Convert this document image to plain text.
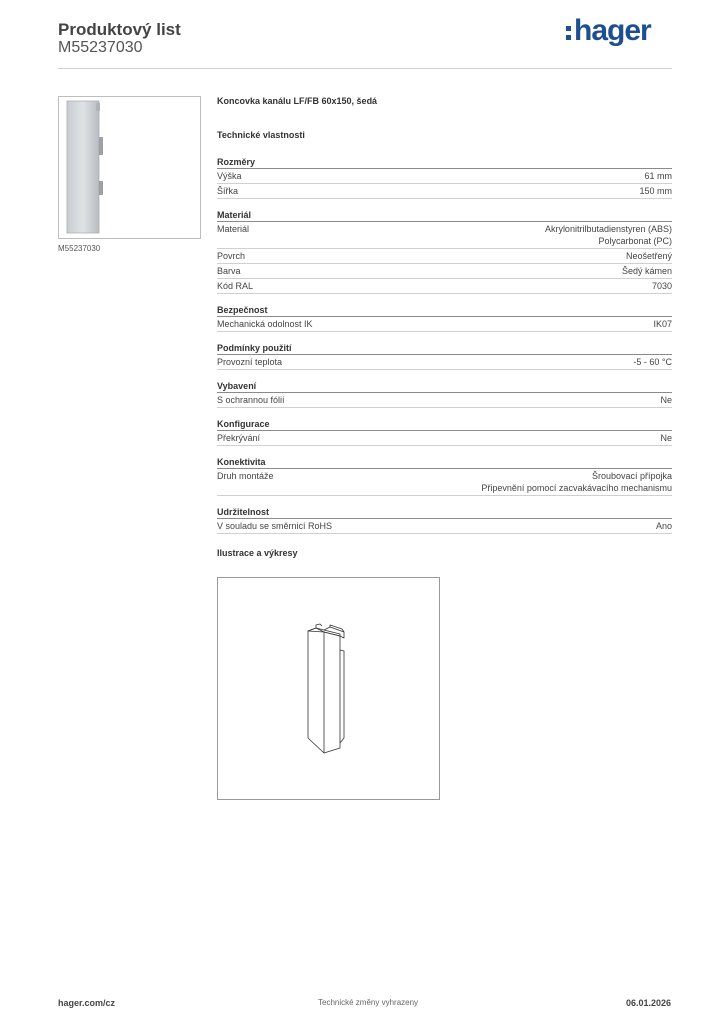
Produktový list
M55237030
hager
M55237030
Koncovka kanálu LF/FB 60x150, šedá
Technické vlastnosti
Rozměry
Výška	61 mm
Šířka	150 mm
Materiál
Materiál	Akrylonitrilbutadienstyren (ABS)
Polycarbonat (PC)
Povrch	Neošetřený
Barva	Šedý kámen
Kód RAL	7030
Bezpečnost
Mechanická odolnost IK	IK07
Podmínky použití
Provozní teplota	-5 - 60 °C
Vybavení
S ochrannou fólií	Ne
Konfigurace
Překrývání	Ne
Konektivita
Druh montáže	Šroubovací přípojka
Připevnění pomocí zacvakávacího mechanismu
Udržitelnost
V souladu se směrnicí RoHS	Ano
Ilustrace a výkresy
hager.com/cz	Technické změny vyhrazeny	06.01.2026
